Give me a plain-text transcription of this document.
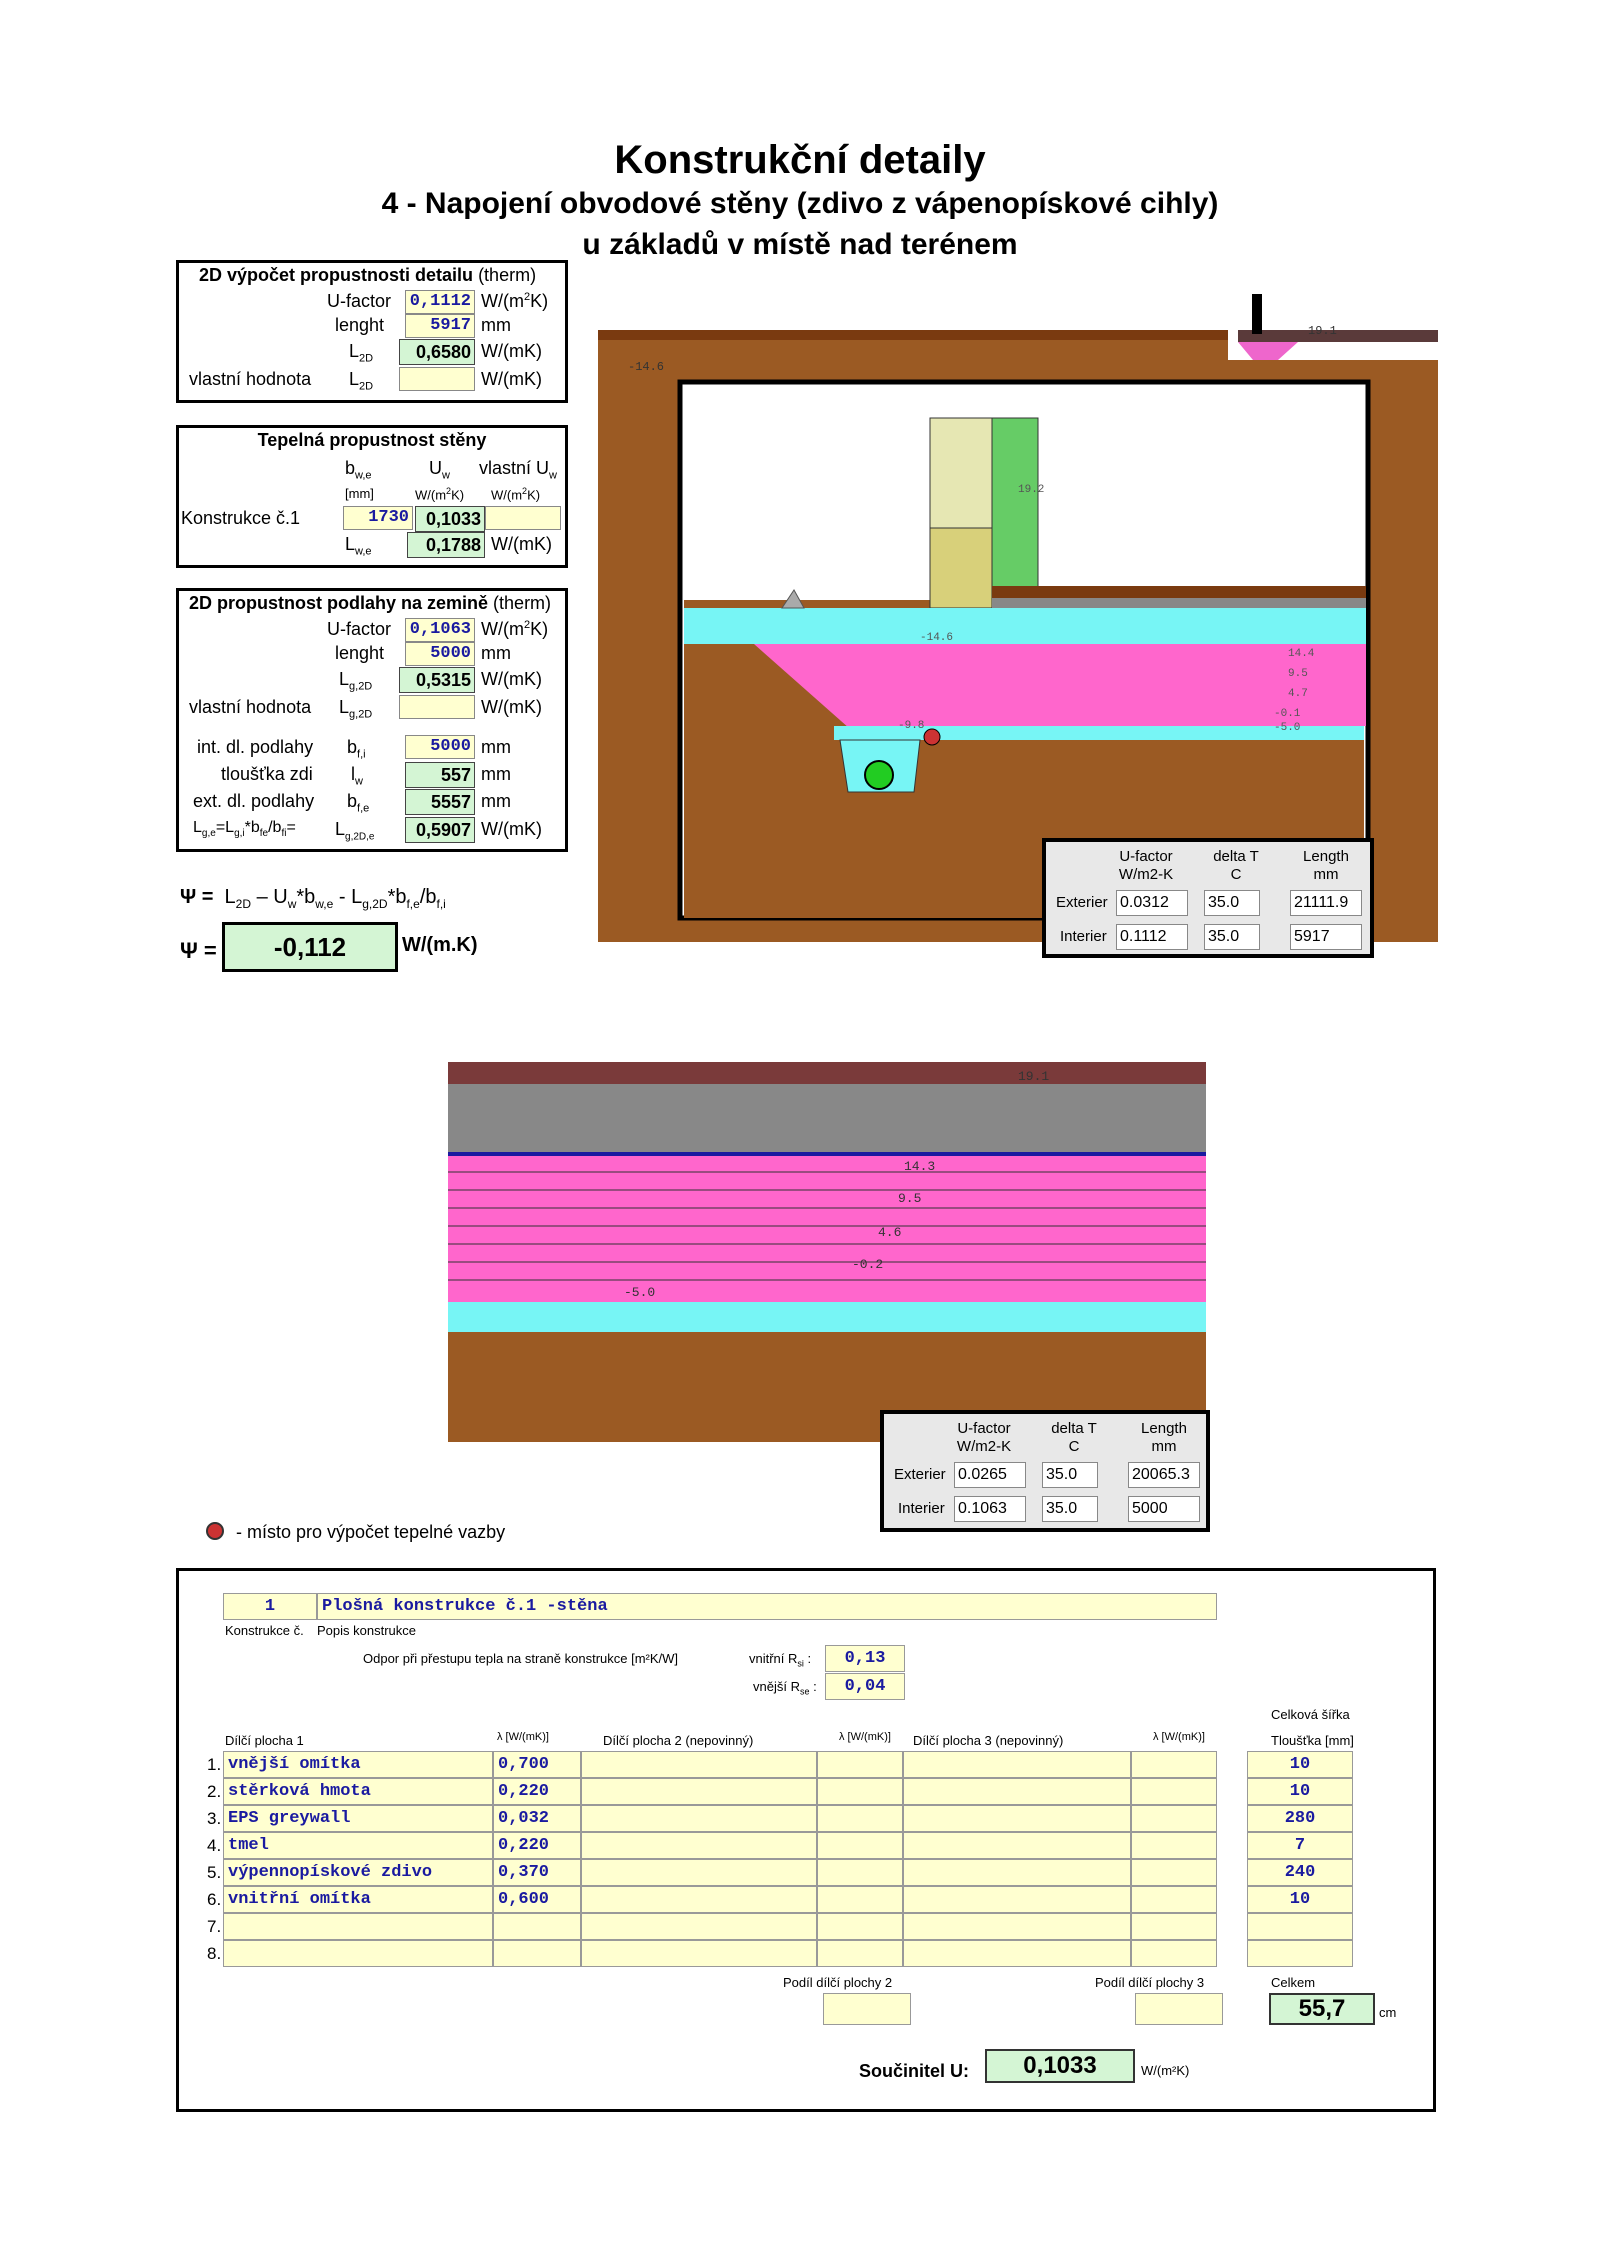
Konstrukční detaily
4 - Napojení obvodové stěny (zdivo z vápenopískové cihly)
u základů v místě nad terénem
2D výpočet propustnosti detailu (therm)
U-factor 0,1112 $W/(m^2K)$
lenght	5917 mm
$L_{2D}$	0,6580 W/(mK)
vlastní hodnota $L_{2D}$	W/(mK)
Tepelná propustnost stěny
$b_{w,e}$	$U_w$ vlastní $U_w$
[mm]	$W/(m^2K)$ $W/(m^2K)$
Konstrukce č.1	1730 0,1033
$L_{w,e}$	0,1788 W/(mK)
2D propustnost podlahy na zemině (therm)
U-factor 0,1063 $W/(m^2K)$
lenght	5000 mm
$L_{g,2D}$	0,5315 W/(mK)
vlastní hodnota $L_{g,2D}$	W/(mK)
int. dl. podlahy $b_{f,i}$	5000 mm
tloušťka zdi $l_w$	557 mm
ext. dl. podlahy $b_{f,e}$	5557 mm
$L_{g,e}=L_{g,i}*b_{fe}/b_{fi}= L_{g,2D,e}$	0,5907 W/(mK)
$\Psi = L_{2D} - U_w*b_{w,e} - L_{g,2D}*b_{f,e}/b_{f,i}$
Ψ =	-0,112	W/(m.K)
19.1
-14.6
-14.6
19.2
14.4
9.5
4.7
-0.1
-5.0
-9.8
U-factor
W/m2-K
delta T
C
Length
mm
Exterier 0.0312	35.0	21111.9
Interier 0.1112	35.0	5917
19.1
14.3
9.5
4.6
-0.2
-5.0
U-factor
W/m2-K
delta T
C
Length
mm
Exterier 0.0265	35.0	20065.3
Interier 0.1063	35.0	5000
- místo pro výpočet tepelné vazby
1	Plošná konstrukce č.1 -stěna
Konstrukce č. Popis konstrukce
Odpor při přestupu tepla na straně konstrukce [m²K/W]	vnitřní $R_{si}$ :	0,13
vnější $R_{se}$ :	0,04
Celková šířka
Dílčí plocha 1	λ [W/(mK)]	Dílčí plocha 2 (nepovinný)	λ [W/(mK)] Dílčí plocha 3 (nepovinný)	λ [W/(mK)]	Tloušťka [mm]
1. vnější omítka	0,700	10
2. stěrková hmota	0,220	10
3. EPS greywall	0,032	280
4. tmel	0,220	7
5. výpennopískové zdivo	0,370	240
6. vnitřní omítka	0,600	10
7.
8.
Podíl dílčí plochy 2	Podíl dílčí plochy 3	Celkem
55,7	cm
Součinitel U:	0,1033	W/(m²K)
